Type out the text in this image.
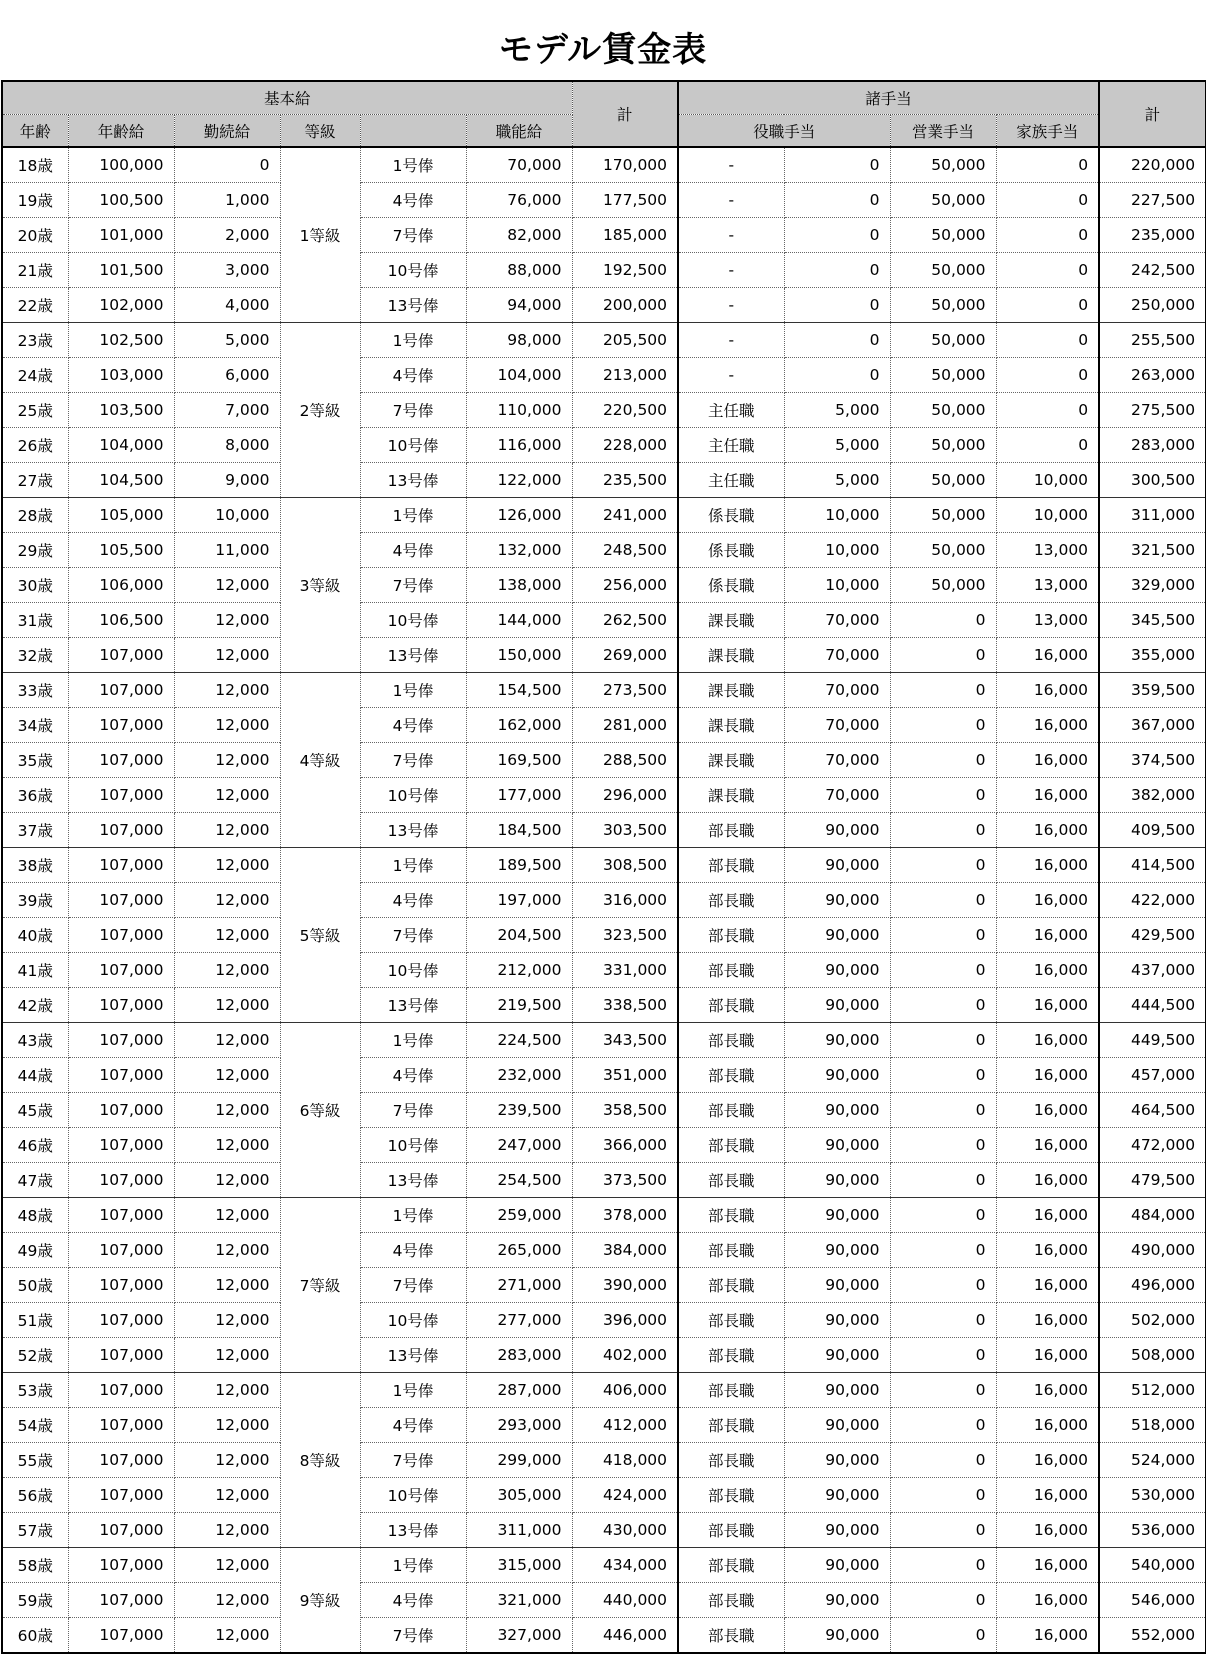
モデル賃金表
基本給						計	諸手当				計
年齢	年齢給	勤続給	等級		職能給		役職手当		営業手当	家族手当	
18歳	100,000	0	1等級	1号俸	70,000	170,000	-	0	50,000	0	220,000
19歳	100,500	1,000		4号俸	76,000	177,500	-	0	50,000	0	227,500
20歳	101,000	2,000		7号俸	82,000	185,000	-	0	50,000	0	235,000
21歳	101,500	3,000		10号俸	88,000	192,500	-	0	50,000	0	242,500
22歳	102,000	4,000		13号俸	94,000	200,000	-	0	50,000	0	250,000
23歳	102,500	5,000	2等級	1号俸	98,000	205,500	-	0	50,000	0	255,500
24歳	103,000	6,000		4号俸	104,000	213,000	-	0	50,000	0	263,000
25歳	103,500	7,000		7号俸	110,000	220,500	主任職	5,000	50,000	0	275,500
26歳	104,000	8,000		10号俸	116,000	228,000	主任職	5,000	50,000	0	283,000
27歳	104,500	9,000		13号俸	122,000	235,500	主任職	5,000	50,000	10,000	300,500
28歳	105,000	10,000	3等級	1号俸	126,000	241,000	係長職	10,000	50,000	10,000	311,000
29歳	105,500	11,000		4号俸	132,000	248,500	係長職	10,000	50,000	13,000	321,500
30歳	106,000	12,000		7号俸	138,000	256,000	係長職	10,000	50,000	13,000	329,000
31歳	106,500	12,000		10号俸	144,000	262,500	課長職	70,000	0	13,000	345,500
32歳	107,000	12,000		13号俸	150,000	269,000	課長職	70,000	0	16,000	355,000
33歳	107,000	12,000	4等級	1号俸	154,500	273,500	課長職	70,000	0	16,000	359,500
34歳	107,000	12,000		4号俸	162,000	281,000	課長職	70,000	0	16,000	367,000
35歳	107,000	12,000		7号俸	169,500	288,500	課長職	70,000	0	16,000	374,500
36歳	107,000	12,000		10号俸	177,000	296,000	課長職	70,000	0	16,000	382,000
37歳	107,000	12,000		13号俸	184,500	303,500	部長職	90,000	0	16,000	409,500
38歳	107,000	12,000	5等級	1号俸	189,500	308,500	部長職	90,000	0	16,000	414,500
39歳	107,000	12,000		4号俸	197,000	316,000	部長職	90,000	0	16,000	422,000
40歳	107,000	12,000		7号俸	204,500	323,500	部長職	90,000	0	16,000	429,500
41歳	107,000	12,000		10号俸	212,000	331,000	部長職	90,000	0	16,000	437,000
42歳	107,000	12,000		13号俸	219,500	338,500	部長職	90,000	0	16,000	444,500
43歳	107,000	12,000	6等級	1号俸	224,500	343,500	部長職	90,000	0	16,000	449,500
44歳	107,000	12,000		4号俸	232,000	351,000	部長職	90,000	0	16,000	457,000
45歳	107,000	12,000		7号俸	239,500	358,500	部長職	90,000	0	16,000	464,500
46歳	107,000	12,000		10号俸	247,000	366,000	部長職	90,000	0	16,000	472,000
47歳	107,000	12,000		13号俸	254,500	373,500	部長職	90,000	0	16,000	479,500
48歳	107,000	12,000	7等級	1号俸	259,000	378,000	部長職	90,000	0	16,000	484,000
49歳	107,000	12,000		4号俸	265,000	384,000	部長職	90,000	0	16,000	490,000
50歳	107,000	12,000		7号俸	271,000	390,000	部長職	90,000	0	16,000	496,000
51歳	107,000	12,000		10号俸	277,000	396,000	部長職	90,000	0	16,000	502,000
52歳	107,000	12,000		13号俸	283,000	402,000	部長職	90,000	0	16,000	508,000
53歳	107,000	12,000	8等級	1号俸	287,000	406,000	部長職	90,000	0	16,000	512,000
54歳	107,000	12,000		4号俸	293,000	412,000	部長職	90,000	0	16,000	518,000
55歳	107,000	12,000		7号俸	299,000	418,000	部長職	90,000	0	16,000	524,000
56歳	107,000	12,000		10号俸	305,000	424,000	部長職	90,000	0	16,000	530,000
57歳	107,000	12,000		13号俸	311,000	430,000	部長職	90,000	0	16,000	536,000
58歳	107,000	12,000	9等級	1号俸	315,000	434,000	部長職	90,000	0	16,000	540,000
59歳	107,000	12,000		4号俸	321,000	440,000	部長職	90,000	0	16,000	546,000
60歳	107,000	12,000		7号俸	327,000	446,000	部長職	90,000	0	16,000	552,000
